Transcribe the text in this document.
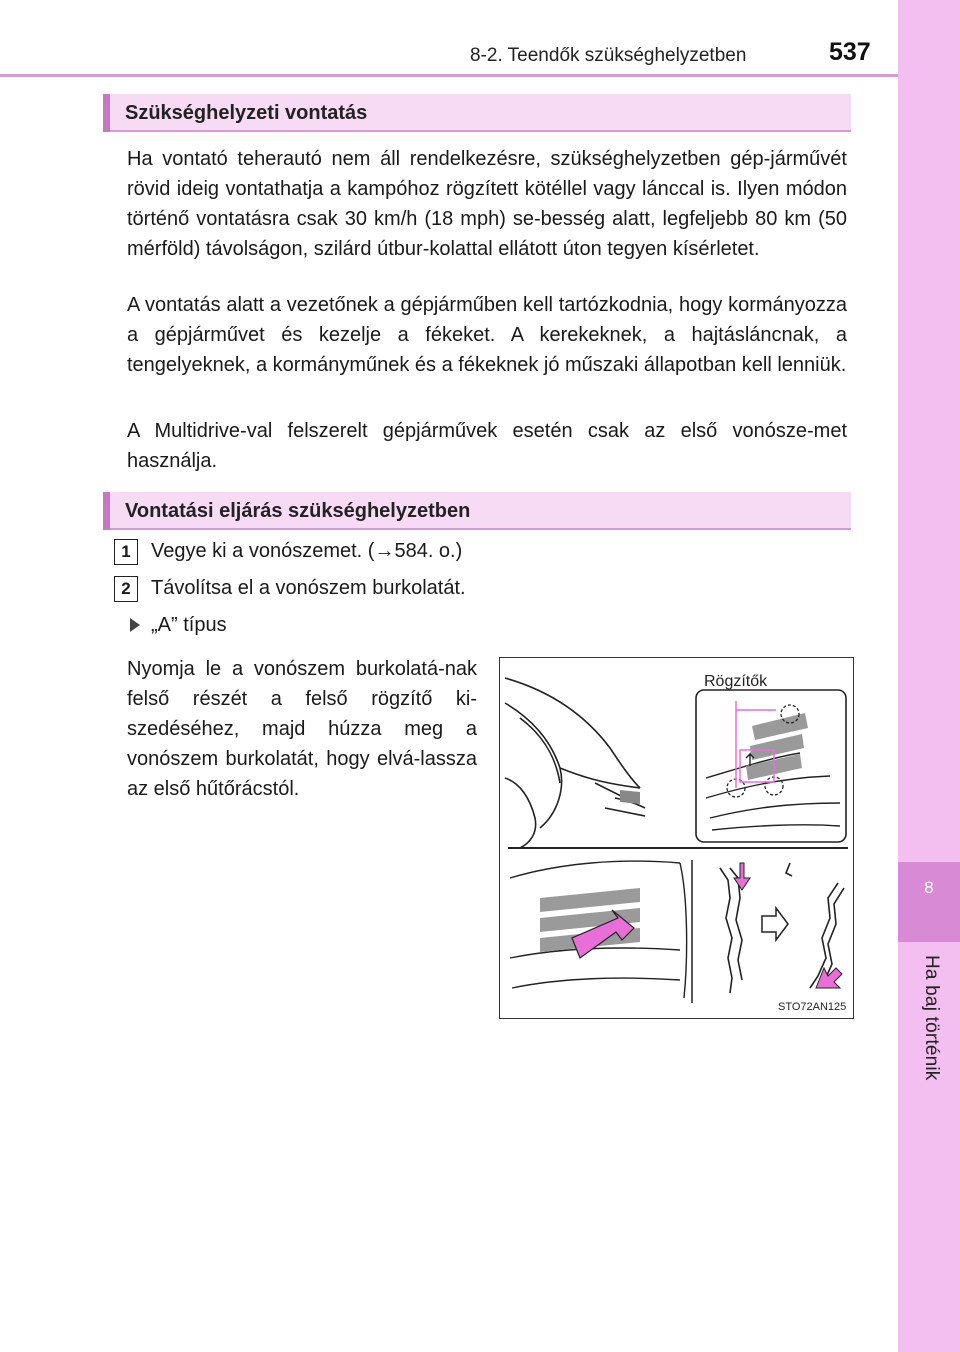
8
Ha baj történik
8-2. Teendők szükséghelyzetben	537
Szükséghelyzeti vontatás
Ha vontató teherautó nem áll rendelkezésre, szükséghelyzetben gép-járművét rövid ideig vontathatja a kampóhoz rögzített kötéllel vagy lánccal is. Ilyen módon történő vontatásra csak 30 km/h (18 mph) se-besség alatt, legfeljebb 80 km (50 mérföld) távolságon, szilárd útbur-kolattal ellátott úton tegyen kísérletet.
A vontatás alatt a vezetőnek a gépjárműben kell tartózkodnia, hogy kormányozza a gépjárművet és kezelje a fékeket. A kerekeknek, a hajtásláncnak, a tengelyeknek, a kormányműnek és a fékeknek jó műszaki állapotban kell lenniük.
A Multidrive-val felszerelt gépjárművek esetén csak az első vonósze-met használja.
Vontatási eljárás szükséghelyzetben
1	Vegye ki a vonószemet. (→584. o.)
2	Távolítsa el a vonószem burkolatát.
„A” típus
Nyomja le a vonószem burkolatá-nak felső részét a felső rögzítő ki-szedéséhez, majd húzza meg a vonószem burkolatát, hogy elvá-lassza az első hűtőrácstól.
Rögzítők
STO72AN125
